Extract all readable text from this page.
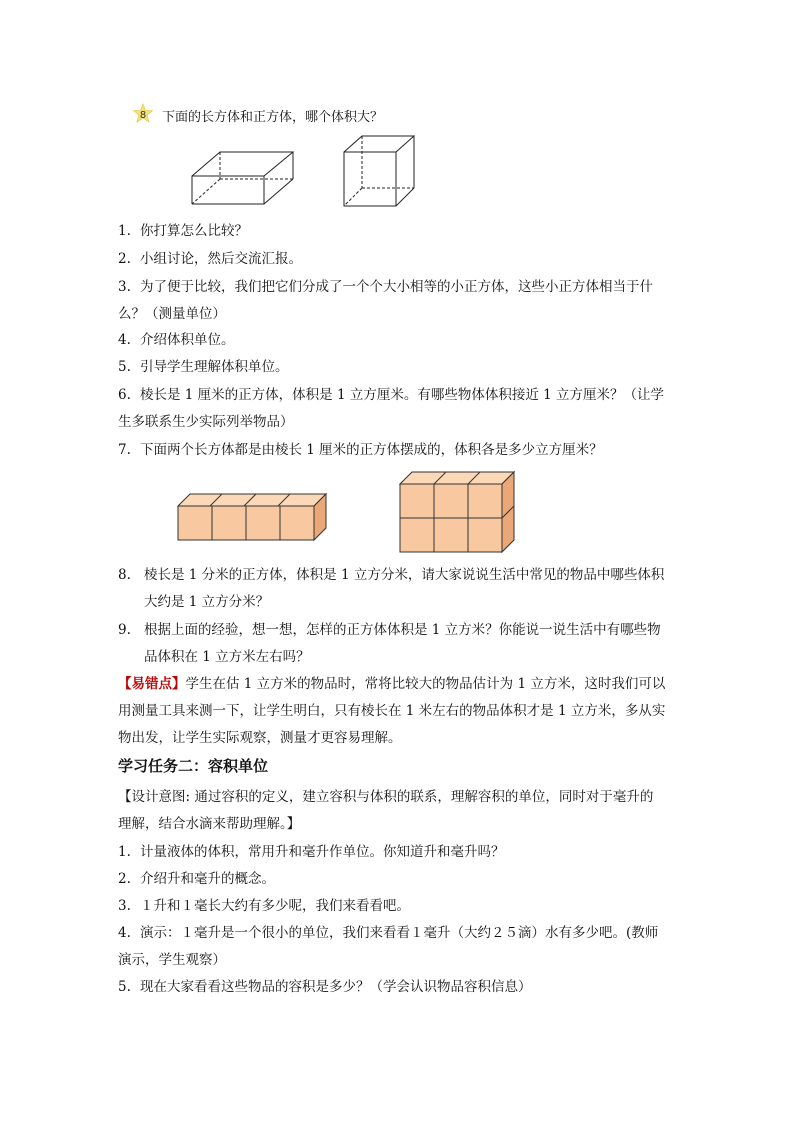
8 下面的长方体和正方体，哪个体积大？
1. 你打算怎么比较？
2. 小组讨论，然后交流汇报。
3. 为了便于比较，我们把它们分成了一个个大小相等的小正方体，这些小正方体相当于什
么？（测量单位）
4. 介绍体积单位。
5. 引导学生理解体积单位。
6. 棱长是 1 厘米的正方体，体积是 1 立方厘米。有哪些物体体积接近 1 立方厘米？（让学
生多联系生少实际列举物品）
7. 下面两个长方体都是由棱长 1 厘米的正方体摆成的，体积各是多少立方厘米？
8. 棱长是 1 分米的正方体，体积是 1 立方分米，请大家说说生活中常见的物品中哪些体积
大约是 1 立方分米？
9. 根据上面的经验，想一想，怎样的正方体体积是 1 立方米？你能说一说生活中有哪些物
品体积在 1 立方米左右吗？
【易错点】学生在估 1 立方米的物品时，常将比较大的物品估计为 1 立方米，这时我们可以
用测量工具来测一下，让学生明白，只有棱长在 1 米左右的物品体积才是 1 立方米，多从实
物出发，让学生实际观察，测量才更容易理解。
学习任务二：容积单位
【设计意图: 通过容积的定义，建立容积与体积的联系，理解容积的单位，同时对于毫升的
理解，结合水滴来帮助理解。】
1. 计量液体的体积，常用升和毫升作单位。你知道升和毫升吗？
2. 介绍升和毫升的概念。
3. １升和１毫长大约有多少呢，我们来看看吧。
4. 演示：１毫升是一个很小的单位，我们来看看１毫升（大约２５滴）水有多少吧。(教师
演示，学生观察）
5. 现在大家看看这些物品的容积是多少？（学会认识物品容积信息）
